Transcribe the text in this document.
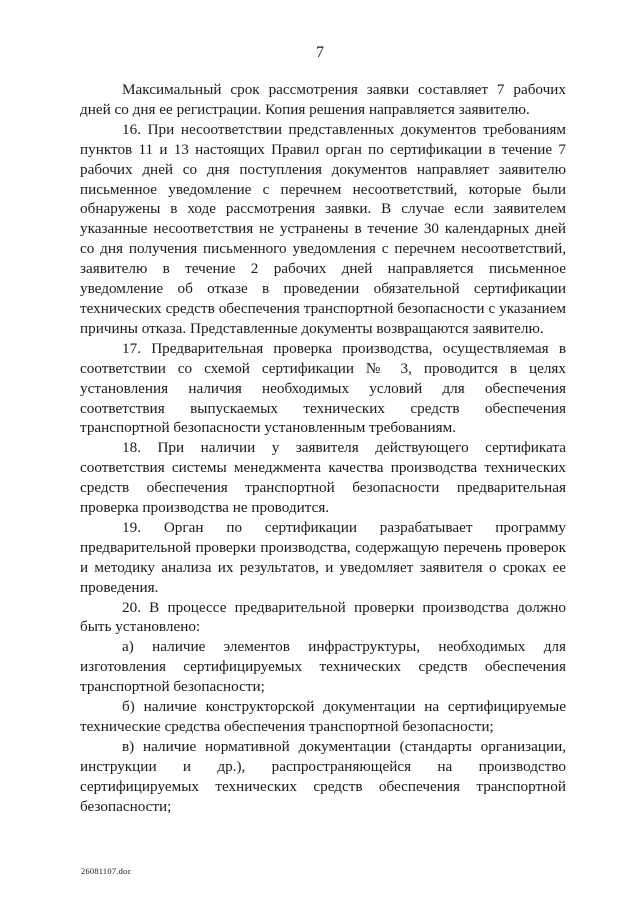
7

Максимальный срок рассмотрения заявки составляет 7 рабочих дней со дня ее регистрации. Копия решения направляется заявителю.

16. При несоответствии представленных документов требованиям пунктов 11 и 13 настоящих Правил орган по сертификации в течение 7 рабочих дней со дня поступления документов направляет заявителю письменное уведомление с перечнем несоответствий, которые были обнаружены в ходе рассмотрения заявки. В случае если заявителем указанные несоответствия не устранены в течение 30 календарных дней со дня получения письменного уведомления с перечнем несоответствий, заявителю в течение 2 рабочих дней направляется письменное уведомление об отказе в проведении обязательной сертификации технических средств обеспечения транспортной безопасности с указанием причины отказа. Представленные документы возвращаются заявителю.

17. Предварительная проверка производства, осуществляемая в соответствии со схемой сертификации № 3, проводится в целях установления наличия необходимых условий для обеспечения соответствия выпускаемых технических средств обеспечения транспортной безопасности установленным требованиям.

18. При наличии у заявителя действующего сертификата соответствия системы менеджмента качества производства технических средств обеспечения транспортной безопасности предварительная проверка производства не проводится.

19. Орган по сертификации разрабатывает программу предварительной проверки производства, содержащую перечень проверок и методику анализа их результатов, и уведомляет заявителя о сроках ее проведения.

20. В процессе предварительной проверки производства должно быть установлено:

а) наличие элементов инфраструктуры, необходимых для изготовления сертифицируемых технических средств обеспечения транспортной безопасности;

б) наличие конструкторской документации на сертифицируемые технические средства обеспечения транспортной безопасности;

в) наличие нормативной документации (стандарты организации, инструкции и др.), распространяющейся на производство сертифицируемых технических средств обеспечения транспортной безопасности;

26081107.doc
